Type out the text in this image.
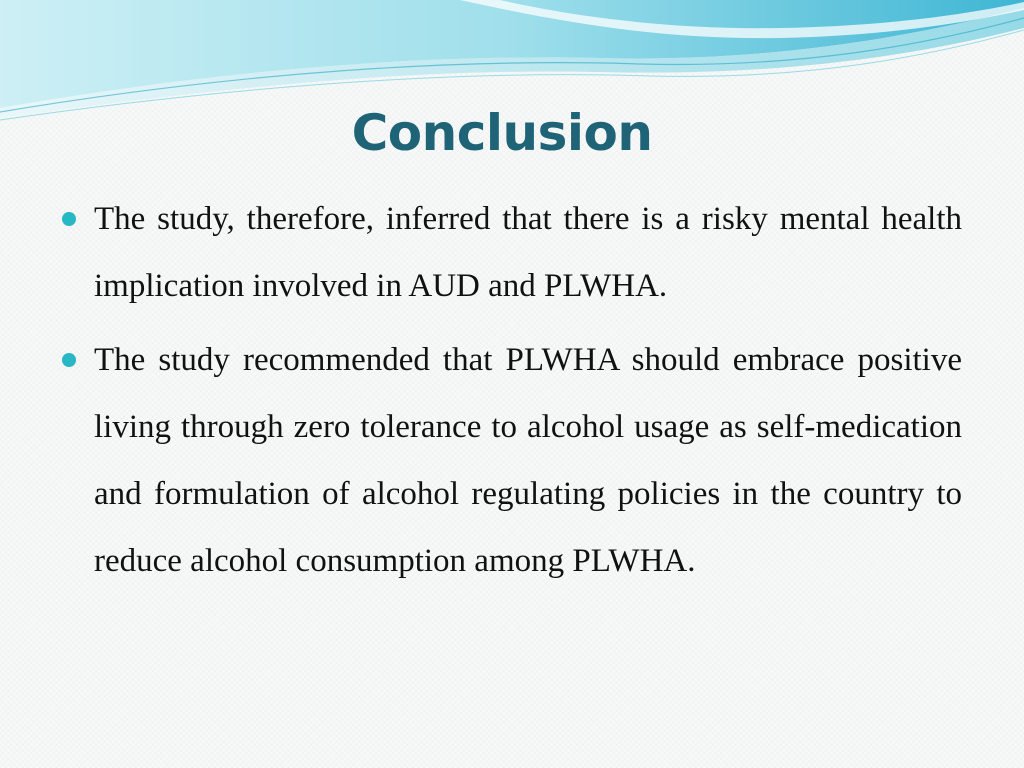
Conclusion
The study, therefore, inferred that there is a risky mental health implication involved in AUD and PLWHA.
The study recommended that PLWHA should embrace positive living through zero tolerance to alcohol usage as self-medication and formulation of alcohol regulating policies in the country to reduce alcohol consumption among PLWHA.
